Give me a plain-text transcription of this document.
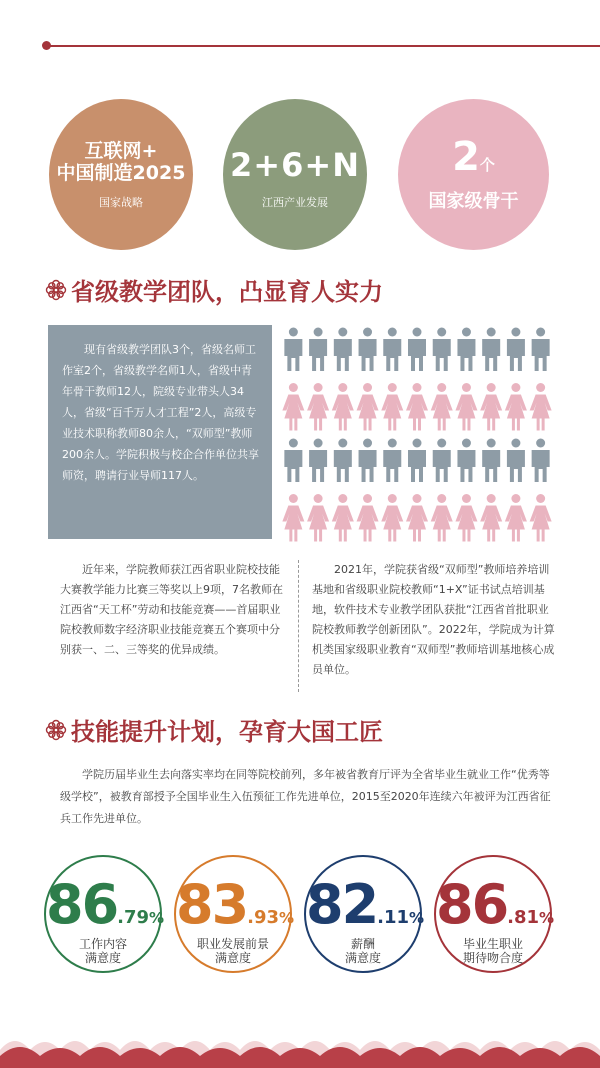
互联网+
中国制造2025
国家战略
2+6+N
江西产业发展
2个
国家级骨干
省级教学团队，凸显育人实力
现有省级教学团队3个，省级名师工作室2个，省级教学名师1人，省级中青年骨干教师12人，院级专业带头人34人，省级“百千万人才工程”2人，高级专业技术职称教师80余人，“双师型”教师200余人。学院积极与校企合作单位共享师资，聘请行业导师117人。
近年来，学院教师获江西省职业院校技能大赛教学能力比赛三等奖以上9项，7名教师在江西省“天工杯”劳动和技能竞赛——首届职业院校教师数字经济职业技能竞赛五个赛项中分别获一、二、三等奖的优异成绩。
2021年，学院获省级“双师型”教师培养培训基地和省级职业院校教师“1+X”证书试点培训基地，软件技术专业教学团队获批“江西省首批职业院校教师教学创新团队”。2022年，学院成为计算机类国家级职业教育“双师型”教师培训基地核心成员单位。
技能提升计划，孕育大国工匠
学院历届毕业生去向落实率均在同等院校前列，多年被省教育厅评为全省毕业生就业工作“优秀等级学校”，被教育部授予全国毕业生入伍预征工作先进单位，2015至2020年连续六年被评为江西省征兵工作先进单位。
86.79%
工作内容
满意度
83.93%
职业发展前景
满意度
82.11%
薪酬
满意度
86.81%
毕业生职业
期待吻合度
